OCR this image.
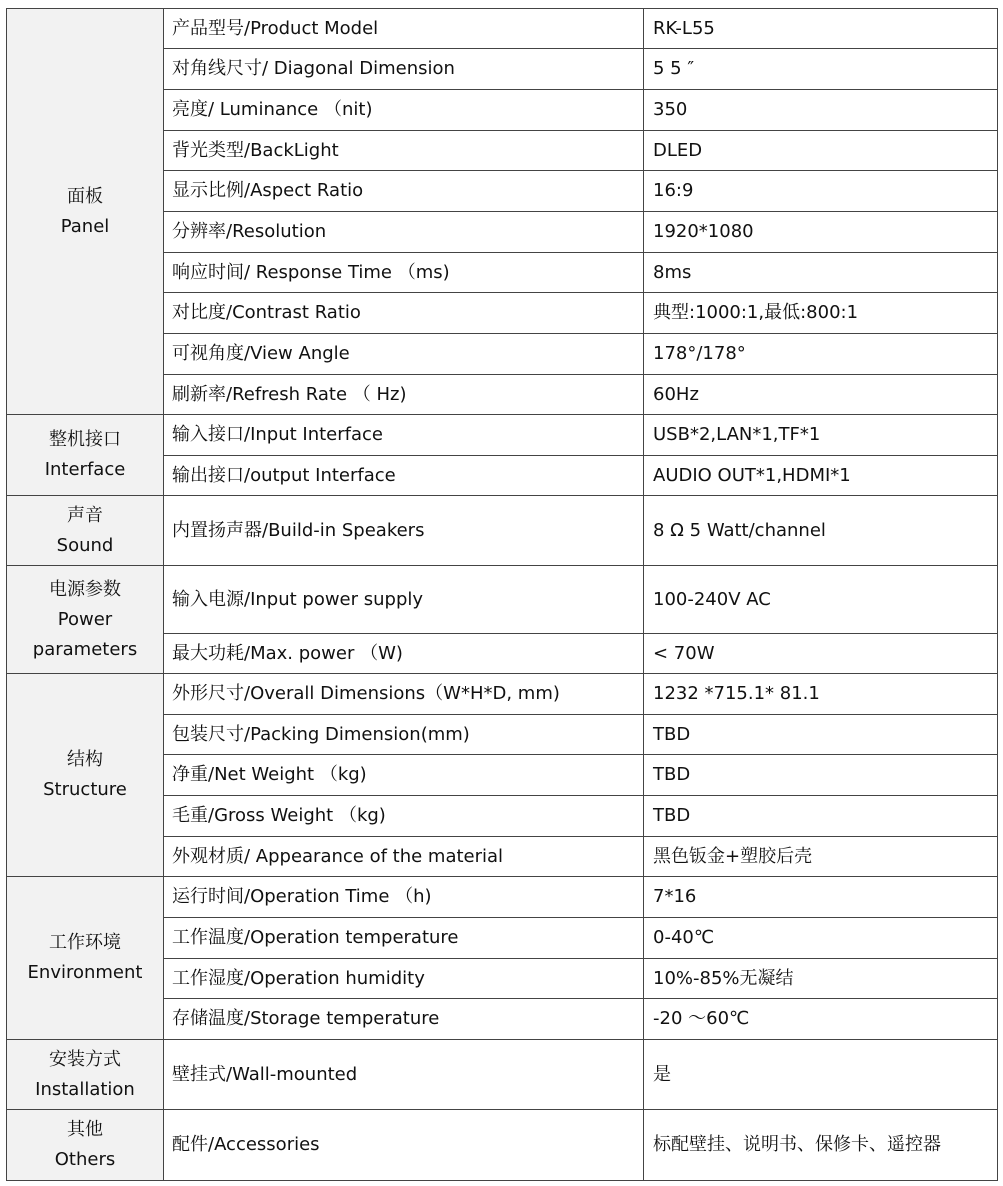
面板
Panel	产品型号/Product Model	RK-L55
	对角线尺寸/ Diagonal Dimension	5 5 ″
	亮度/ Luminance （nit)	350
	背光类型/BackLight	DLED
	显示比例/Aspect Ratio	16:9
	分辨率/Resolution	1920*1080
	响应时间/ Response Time （ms)	8ms
	对比度/Contrast Ratio	典型:1000:1,最低:800:1
	可视角度/View Angle	178°/178°
	刷新率/Refresh Rate （ Hz)	60Hz

整机接口
Interface	输入接口/Input Interface	USB*2,LAN*1,TF*1
	输出接口/output Interface	AUDIO OUT*1,HDMI*1

声音
Sound	内置扬声器/Build-in Speakers	8 Ω 5 Watt/channel

电源参数
Power
parameters	输入电源/Input power supply	100-240V AC
	最大功耗/Max. power （W)	< 70W

结构
Structure	外形尺寸/Overall Dimensions（W*H*D, mm)	1232 *715.1* 81.1
	包装尺寸/Packing Dimension(mm)	TBD
	净重/Net Weight （kg)	TBD
	毛重/Gross Weight （kg)	TBD
	外观材质/ Appearance of the material	黑色钣金+塑胶后壳

工作环境
Environment	运行时间/Operation Time （h)	7*16
	工作温度/Operation temperature	0-40℃
	工作湿度/Operation humidity	10%-85%无凝结
	存储温度/Storage temperature	-20 ～60℃

安装方式
Installation	壁挂式/Wall-mounted	是

其他
Others	配件/Accessories	标配壁挂、说明书、保修卡、遥控器
